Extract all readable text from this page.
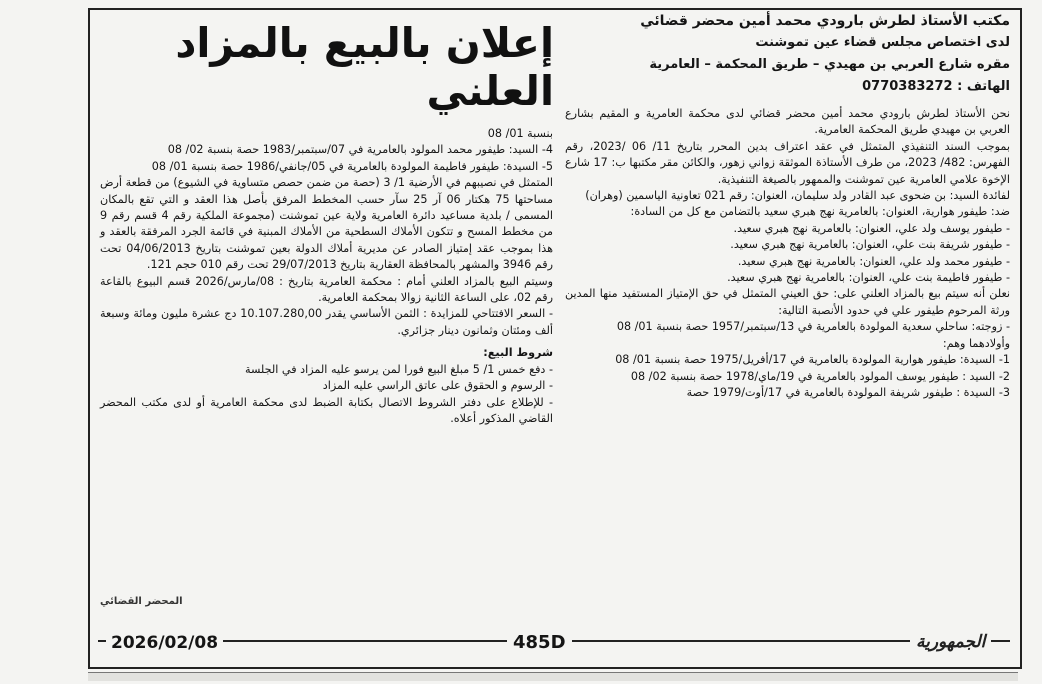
إعلان بالبيع بالمزاد العلني
مكتب الأستاذ لطرش بارودي محمد أمين محضر قضائي
لدى اختصاص مجلس قضاء عين تموشنت
مقره شارع العربي بن مهيدي – طريق المحكمة – العامرية
الهاتف : 0770383272

نحن الأستاذ لطرش بارودي محمد أمين محضر قضائي لدى محكمة العامرية و المقيم بشارع العربي بن مهيدي طريق المحكمة العامرية.

بموجب السند التنفيذي المتمثل في عقد اعتراف بدين المحرر بتاريخ 11/ 06 /2023، رقم الفهرس: 482/ 2023، من طرف الأستاذة الموثقة زواني زهور، والكائن مقر مكتبها ب: 17 شارع الإخوة علامي العامرية عين تموشنت والممهور بالصيغة التنفيذية.

لفائدة السيد: بن ضحوى عبد القادر ولد سليمان، العنوان: رقم 021 تعاونية الياسمين (وهران)

ضد: طيفور هوارية، العنوان: بالعامرية نهج هبري سعيد بالتضامن مع كل من السادة:

- طيفور يوسف ولد علي، العنوان: بالعامرية نهج هبري سعيد.

- طيفور شريفة بنت علي، العنوان: بالعامرية نهج هبري سعيد.

- طيفور محمد ولد علي، العنوان: بالعامرية نهج هبري سعيد.

- طيفور فاطيمة بنت علي، العنوان: بالعامرية نهج هبري سعيد.

نعلن أنه سيتم بيع بالمزاد العلني على: حق العيني المتمثل في حق الإمتياز المستفيد منها المدين ورثة المرحوم طيفور علي في حدود الأنصبة التالية:

- زوجته: ساحلي سعدية المولودة بالعامرية في 13/سبتمبر/1957 حصة بنسبة 01/ 08

وأولادهما وهم:

1- السيدة: طيفور هوارية المولودة بالعامرية في 17/أفريل/1975 حصة بنسبة 01/ 08

2- السيد : طيفور يوسف المولود بالعامرية في 19/ماي/1978 حصة بنسبة 02/ 08

3- السيدة : طيفور شريفة المولودة بالعامرية في 17/أوت/1979 حصة

بنسبة 01/ 08

4- السيد: طيفور محمد المولود بالعامرية في 07/سبتمبر/1983 حصة بنسبة 02/ 08

5- السيدة: طيفور فاطيمة المولودة بالعامرية في 05/جانفي/1986 حصة بنسبة 01/ 08

المتمثل في نصيبهم في الأرضية 1/ 3 (حصة من ضمن حصص متساوية في الشيوع) من قطعة أرض مساحتها 75 هكتار 06 آر 25 سآر حسب المخطط المرفق بأصل هذا العقد و التي تقع بالمكان المسمى / بلدية مساعيد دائرة العامرية ولاية عين تموشنت (مجموعة الملكية رقم 4 قسم رقم 9 من مخطط المسح و تتكون الأملاك السطحية من الأملاك المبنية في قائمة الجرد المرفقة بالعقد و هذا بموجب عقد إمتياز الصادر عن مديرية أملاك الدولة بعين تموشنت بتاريخ 04/06/2013 تحت رقم 3946 والمشهر بالمحافظة العقارية بتاريخ 29/07/2013 تحت رقم 010 حجم 121.

وسيتم البيع بالمزاد العلني أمام : محكمة العامرية بتاريخ : 08/مارس/2026 قسم البيوع بالقاعة رقم 02، على الساعة الثانية زوالا بمحكمة العامرية.

- السعر الافتتاحي للمزايدة : الثمن الأساسي يقدر 10.107.280,00 دج عشرة مليون ومائة وسبعة ألف ومئتان وثمانون دينار جزائري.

شروط البيع:

- دفع خمس 1/ 5 مبلغ البيع فورا لمن يرسو عليه المزاد في الجلسة

- الرسوم و الحقوق على عاتق الراسي عليه المزاد

- للإطلاع على دفتر الشروط الاتصال بكتابة الضبط لدى محكمة العامرية أو لدى مكتب المحضر القاضي المذكور أعلاه.

المحضر القضائي
2026/02/08	485D	الجمهورية
